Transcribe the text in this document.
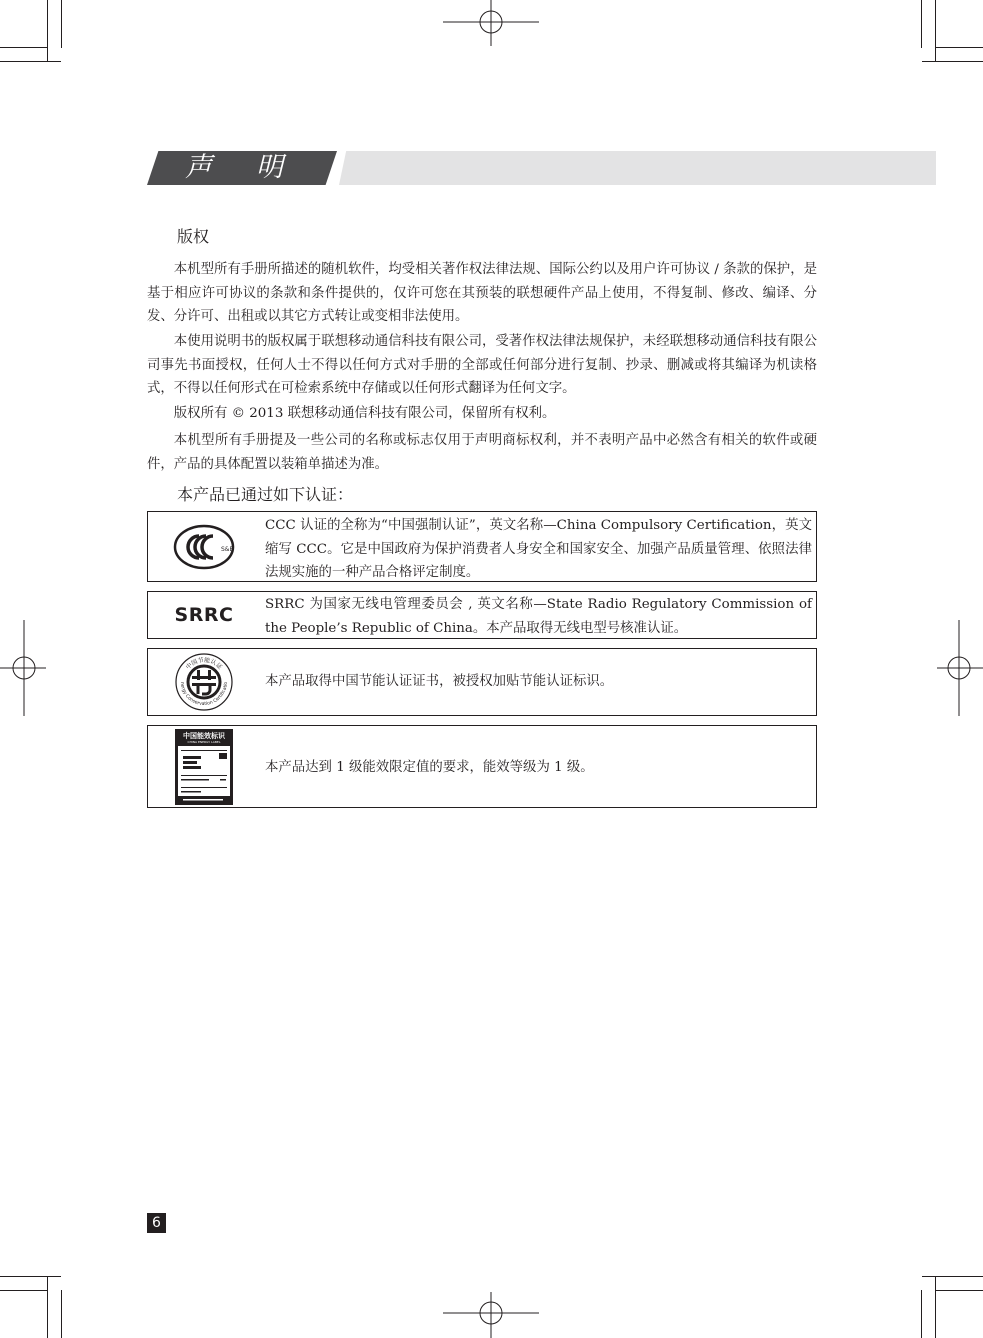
声明
版权

本机型所有手册所描述的随机软件，均受相关著作权法律法规、国际公约以及用户许可协议 / 条款的保护，是基于相应许可协议的条款和条件提供的，仅许可您在其预装的联想硬件产品上使用，不得复制、修改、编译、分发、分许可、出租或以其它方式转让或变相非法使用。

本使用说明书的版权属于联想移动通信科技有限公司，受著作权法律法规保护，未经联想移动通信科技有限公司事先书面授权，任何人士不得以任何方式对手册的全部或任何部分进行复制、抄录、删减或将其编译为机读格式，不得以任何形式在可检索系统中存储或以任何形式翻译为任何文字。

版权所有 © 2013 联想移动通信科技有限公司，保留所有权利。

本机型所有手册提及一些公司的名称或标志仅用于声明商标权利，并不表明产品中必然含有相关的软件或硬件，产品的具体配置以装箱单描述为准。

本产品已通过如下认证：
S&E

CCC 认证的全称为“中国强制认证”，英文名称—China Compulsory Certification，英文缩写 CCC。它是中国政府为保护消费者人身安全和国家安全、加强产品质量管理、依照法律法规实施的一种产品合格评定制度。

SRRC SRRC 为国家无线电管理委员会 , 英文名称—State Radio Regulatory Commission of the People’s Republic of China。本产品取得无线电型号核准认证。

中国节能认证
nergy Conservation Certification

本产品取得中国节能认证证书，被授权加贴节能认证标识。

中国能效标识
CHINA ENERGY LABEL

本产品达到 1 级能效限定值的要求，能效等级为 1 级。

6
